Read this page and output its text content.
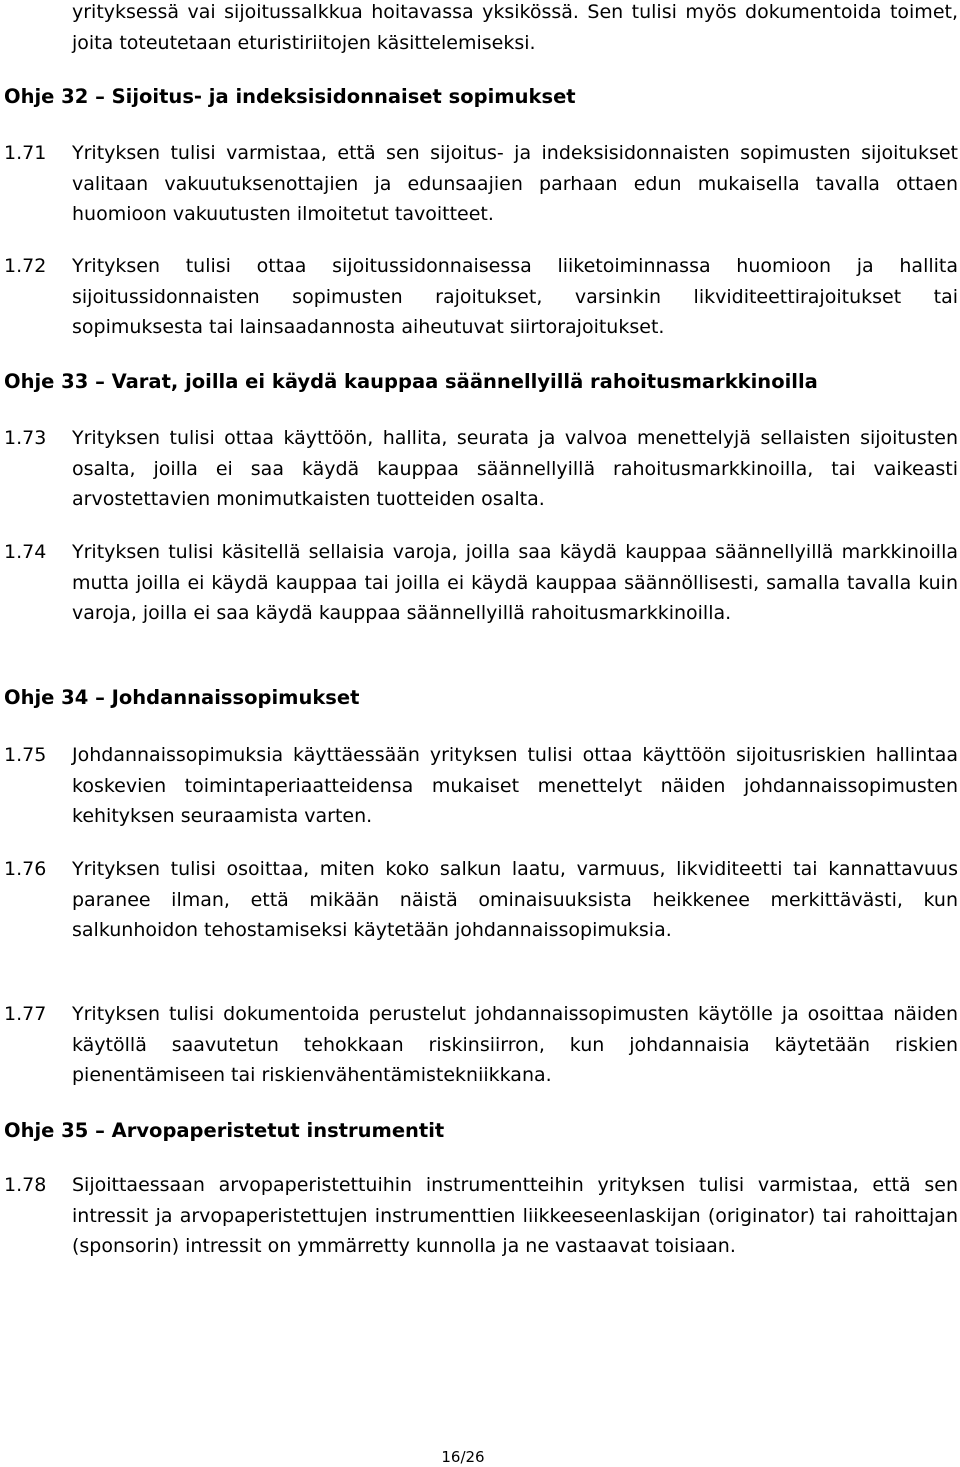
yrityksessä vai sijoitussalkkua hoitavassa yksikössä. Sen tulisi myös dokumentoida toimet, joita toteutetaan eturistiriitojen käsittelemiseksi.
Ohje 32 – Sijoitus- ja indeksisidonnaiset sopimukset
1.71	Yrityksen tulisi varmistaa, että sen sijoitus- ja indeksisidonnaisten sopimusten sijoitukset valitaan vakuutuksenottajien ja edunsaajien parhaan edun mukaisella tavalla ottaen huomioon vakuutusten ilmoitetut tavoitteet.
1.72	Yrityksen tulisi ottaa sijoitussidonnaisessa liiketoiminnassa huomioon ja hallita sijoitussidonnaisten sopimusten rajoitukset, varsinkin likviditeettirajoitukset tai sopimuksesta tai lainsaadannosta aiheutuvat siirtorajoitukset.
Ohje 33 – Varat, joilla ei käydä kauppaa säännellyillä rahoitusmarkkinoilla
1.73	Yrityksen tulisi ottaa käyttöön, hallita, seurata ja valvoa menettelyjä sellaisten sijoitusten osalta, joilla ei saa käydä kauppaa säännellyillä rahoitusmarkkinoilla, tai vaikeasti arvostettavien monimutkaisten tuotteiden osalta.
1.74	Yrityksen tulisi käsitellä sellaisia varoja, joilla saa käydä kauppaa säännellyillä markkinoilla mutta joilla ei käydä kauppaa tai joilla ei käydä kauppaa säännöllisesti, samalla tavalla kuin varoja, joilla ei saa käydä kauppaa säännellyillä rahoitusmarkkinoilla.
Ohje 34 – Johdannaissopimukset
1.75	Johdannaissopimuksia käyttäessään yrityksen tulisi ottaa käyttöön sijoitusriskien hallintaa koskevien toimintaperiaatteidensa mukaiset menettelyt näiden johdannaissopimusten kehityksen seuraamista varten.
1.76	Yrityksen tulisi osoittaa, miten koko salkun laatu, varmuus, likviditeetti tai kannattavuus paranee ilman, että mikään näistä ominaisuuksista heikkenee merkittävästi, kun salkunhoidon tehostamiseksi käytetään johdannaissopimuksia.
1.77	Yrityksen tulisi dokumentoida perustelut johdannaissopimusten käytölle ja osoittaa näiden käytöllä saavutetun tehokkaan riskinsiirron, kun johdannaisia käytetään riskien pienentämiseen tai riskienvähentämistekniikkana.
Ohje 35 – Arvopaperistetut instrumentit
1.78	Sijoittaessaan arvopaperistettuihin instrumentteihin yrityksen tulisi varmistaa, että sen intressit ja arvopaperistettujen instrumenttien liikkeeseenlaskijan (originator) tai rahoittajan (sponsorin) intressit on ymmärretty kunnolla ja ne vastaavat toisiaan.
16/26
